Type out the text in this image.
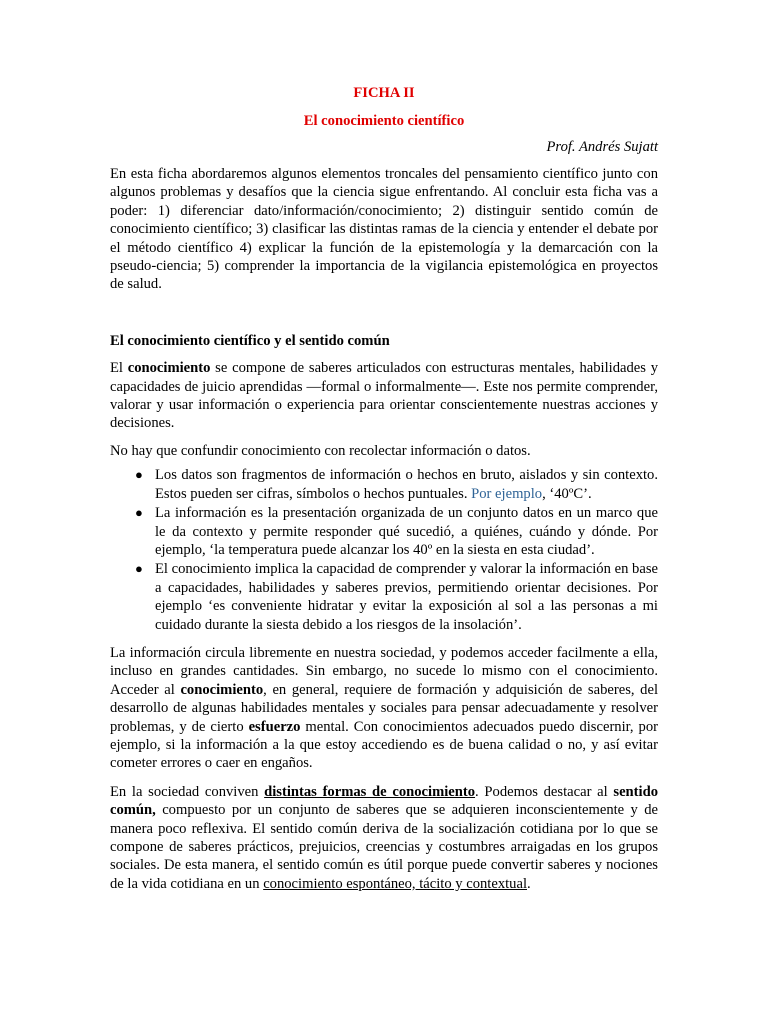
FICHA II

El conocimiento científico

Prof. Andrés Sujatt

En esta ficha abordaremos algunos elementos troncales del pensamiento científico junto con algunos problemas y desafíos que la ciencia sigue enfrentando. Al concluir esta ficha vas a poder: 1) diferenciar dato/información/conocimiento; 2) distinguir sentido común de conocimiento científico; 3) clasificar las distintas ramas de la ciencia y entender el debate por el método científico 4) explicar la función de la epistemología y la demarcación con la pseudo-ciencia; 5) comprender la importancia de la vigilancia epistemológica en proyectos de salud.

El conocimiento científico y el sentido común

El conocimiento se compone de saberes articulados con estructuras mentales, habilidades y capacidades de juicio aprendidas —formal o informalmente—. Este nos permite comprender, valorar y usar información o experiencia para orientar conscientemente nuestras acciones y decisiones.

No hay que confundir conocimiento con recolectar información o datos.

● Los datos son fragmentos de información o hechos en bruto, aislados y sin contexto. Estos pueden ser cifras, símbolos o hechos puntuales. Por ejemplo, ‘40ºC’.
● La información es la presentación organizada de un conjunto datos en un marco que le da contexto y permite responder qué sucedió, a quiénes, cuándo y dónde. Por ejemplo, ‘la temperatura puede alcanzar los 40º en la siesta en esta ciudad’.
● El conocimiento implica la capacidad de comprender y valorar la información en base a capacidades, habilidades y saberes previos, permitiendo orientar decisiones. Por ejemplo ‘es conveniente hidratar y evitar la exposición al sol a las personas a mi cuidado durante la siesta debido a los riesgos de la insolación’.

La información circula libremente en nuestra sociedad, y podemos acceder facilmente a ella, incluso en grandes cantidades. Sin embargo, no sucede lo mismo con el conocimiento. Acceder al conocimiento, en general, requiere de formación y adquisición de saberes, del desarrollo de algunas habilidades mentales y sociales para pensar adecuadamente y resolver problemas, y de cierto esfuerzo mental. Con conocimientos adecuados puedo discernir, por ejemplo, si la información a la que estoy accediendo es de buena calidad o no, y así evitar cometer errores o caer en engaños.

En la sociedad conviven distintas formas de conocimiento. Podemos destacar al sentido común, compuesto por un conjunto de saberes que se adquieren inconscientemente y de manera poco reflexiva. El sentido común deriva de la socialización cotidiana por lo que se compone de saberes prácticos, prejuicios, creencias y costumbres arraigadas en los grupos sociales. De esta manera, el sentido común es útil porque puede convertir saberes y nociones de la vida cotidiana en un conocimiento espontáneo, tácito y contextual.
